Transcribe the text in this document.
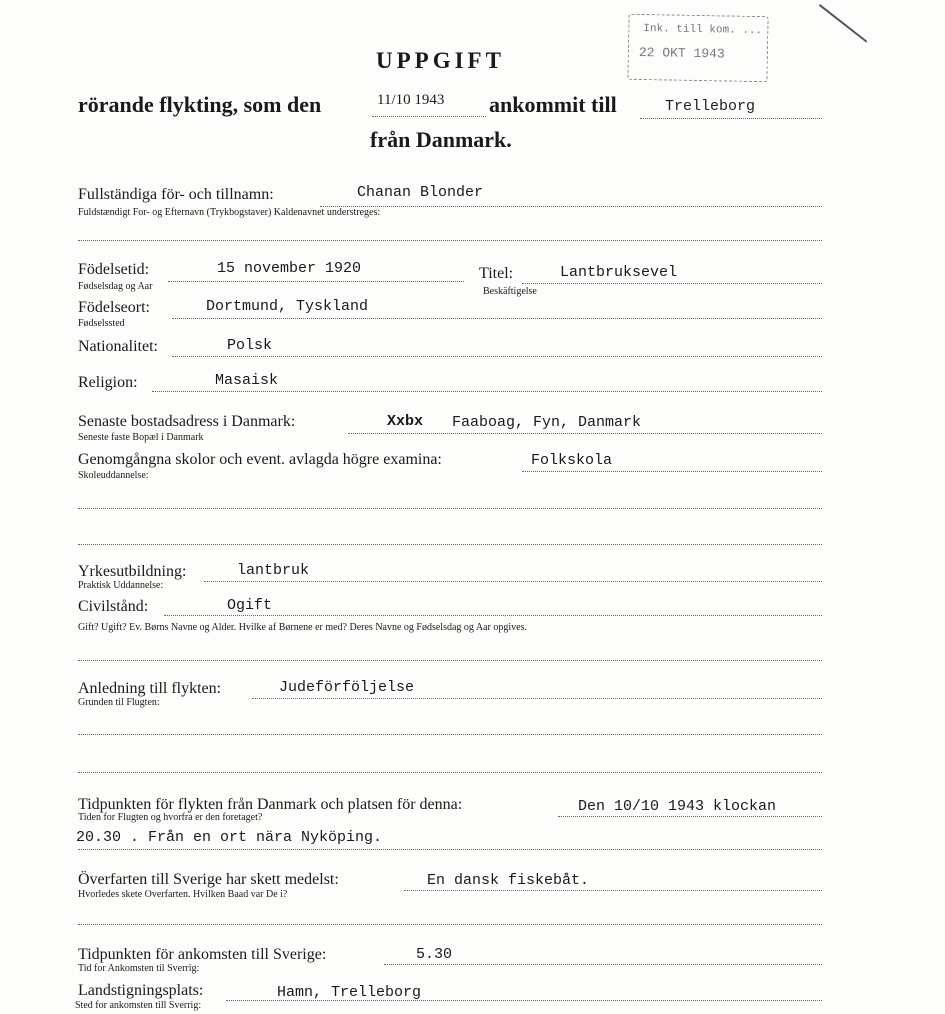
Ink. till kom. ...
22 OKT 1943
UPPGIFT
rörande flykting, som den	11/10 1943 ankommit till	Trelleborg
från Danmark.
Fullständiga för- och tillnamn:	Chanan Blonder
Fuldstændigt For- og Efternavn (Trykbogstaver) Kaldenavnet understreges:
Födelsetid:	15 november 1920
Fødselsdag og Aar
Titel:	Lantbruksevel
Beskäftigelse
Födelseort:	Dortmund, Tyskland
Fødselssted
Nationalitet:	Polsk
Religion:	Masaisk
Senaste bostadsadress i Danmark:	Xxbx Faaboag, Fyn, Danmark
Seneste faste Bopæl i Danmark
Genomgångna skolor och event. avlagda högre examina:	Folkskola
Skoleuddannelse:
Yrkesutbildning:	lantbruk
Praktisk Uddannelse:
Civilstånd:	Ogift
Gift? Ugift? Ev. Børns Navne og Alder. Hvilke af Børnene er med? Deres Navne og Fødselsdag og Aar opgives.
Anledning till flykten:	Judeförföljelse
Grunden til Flugten:
Tidpunkten för flykten från Danmark och platsen för denna:	Den 10/10 1943 klockan
Tiden for Flugten og hvorfra er den foretaget?
20.30 . Från en ort nära Nyköping.
Överfarten till Sverige har skett medelst:	En dansk fiskebåt.
Hvorledes skete Overfarten. Hvilken Baad var De i?
Tidpunkten för ankomsten till Sverige:	5.30
Tid for Ankomsten til Sverrig:
Landstigningsplats:	Hamn, Trelleborg
Sted for ankomsten till Sverrig:
